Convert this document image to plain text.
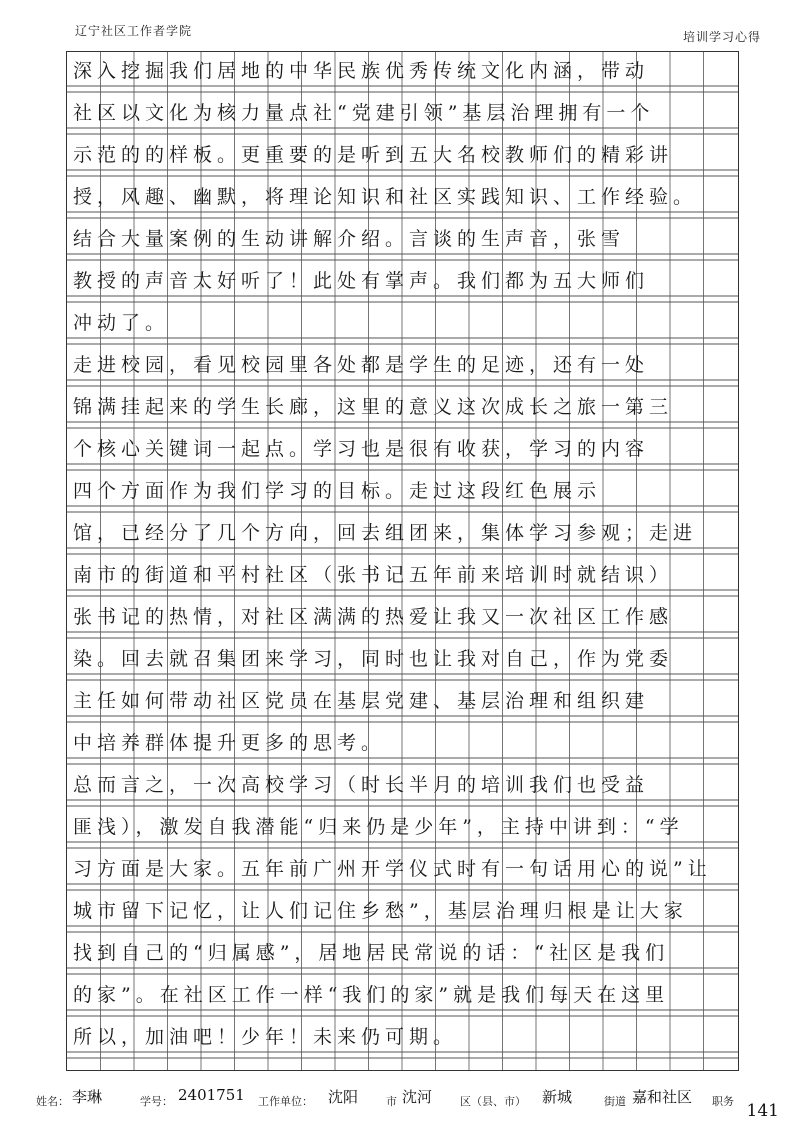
辽宁社区工作者学院	培训学习心得
深入挖掘我们居地的中华民族优秀传统文化内涵，带动
社区以文化为核力量点社“党建引领”基层治理拥有一个
示范的的样板。更重要的是听到五大名校教师们的精彩讲
授，风趣、幽默，将理论知识和社区实践知识、工作经验。
结合大量案例的生动讲解介绍。言谈的生声音，张雪
教授的声音太好听了！此处有掌声。我们都为五大师们
冲动了。
走进校园，看见校园里各处都是学生的足迹，还有一处
锦满挂起来的学生长廊，这里的意义这次成长之旅一第三
个核心关键词一起点。学习也是很有收获，学习的内容
四个方面作为我们学习的目标。走过这段红色展示
馆，已经分了几个方向，回去组团来，集体学习参观；走进
南市的街道和平村社区（张书记五年前来培训时就结识）
张书记的热情，对社区满满的热爱让我又一次社区工作感
染。回去就召集团来学习，同时也让我对自己，作为党委
主任如何带动社区党员在基层党建、基层治理和组织建
中培养群体提升更多的思考。
总而言之，一次高校学习（时长半月的培训我们也受益
匪浅），激发自我潜能“归来仍是少年”，主持中讲到：“学
习方面是大家。五年前广州开学仪式时有一句话用心的说”让
城市留下记忆，让人们记住乡愁”，基层治理归根是让大家
找到自己的“归属感”，居地居民常说的话：“社区是我们
的家”。在社区工作一样“我们的家”就是我们每天在这里
所以，加油吧！少年！未来仍可期。
姓名： 李琳	学号： 2401751 工作单位： 沈阳	市 沈河	区（县、市） 新城	街道 嘉和社区 职务 141
